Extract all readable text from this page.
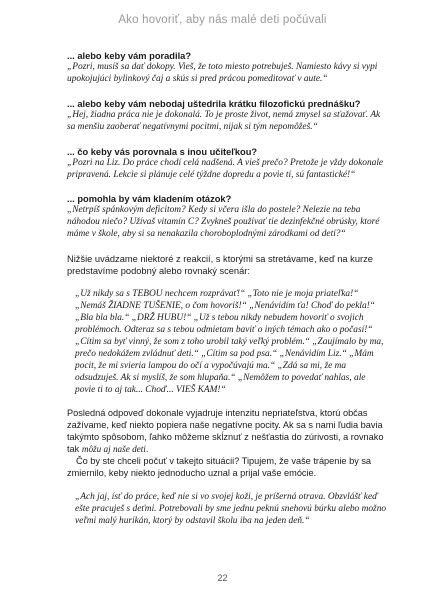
Ako hovoriť, aby nás malé deti počúvali
... alebo keby vám poradila?
„Pozri, musíš sa dať dokopy. Vieš, že toto miesto potrebuješ. Namiesto kávy si vypi upokojujúci bylinkový čaj a skús si pred prácou pomeditovať v aute.“
... alebo keby vám nebodaj uštedrila krátku filozofickú prednášku?
„Hej, žiadna práca nie je dokonalá. To je proste život, nemá zmysel sa sťažovať. Ak sa menšiu zaoberať negatívnymi pocitmi, nijak si tým nepomôžeš.“
... čo keby vás porovnala s inou učiteľkou?
„Pozri na Liz. Do práce chodí celá nadšená. A vieš prečo? Pretože je vždy dokonale pripravená. Lekcie si plánuje celé týždne dopredu a povie ti, sú fantastické!“
... pomohla by vám kladením otázok?
„Netrpíš spánkovým deficitom? Kedy si včera išla do postele? Nelezie na teba náhodou niečo? Užívaš vitamín C? Zvykneš používať tie dezinfekčné obrúsky, ktoré máme v škole, aby si sa nenakazila choroboplodnými zárodkami od detí?“

Nižšie uvádzame niektoré z reakcií, s ktorými sa stretávame, keď na kurze predstavíme podobný alebo rovnaký scenár:

„Už nikdy sa s TEBOU nechcem rozprávať!“ „Toto nie je moja priateľka!“ „Nemáš ŽIADNE TUŠENIE, o čom hovoríš!“ „Nenávidím ťa! Choď do pekla!“ „Bla bla bla.“ „DRŽ HUBU!“ „Už s tebou nikdy nebudem hovoriť o svojich problémoch. Odteraz sa s tebou odmietam baviť o iných témach ako o počasí!“ „Cítim sa byť vinný, že som z toho urobil taký veľký problém.“ „Zaujímalo by ma, prečo nedokážem zvládnuť deti.“ „Cítim sa pod psa.“ „Nenávidím Liz.“ „Mám pocit, že mi svieria lampou do očí a vypočúvajú ma.“ „Zdá sa mi, že ma odsudzuješ. Ak si myslíš, že som hlupaňa.“ „Nemôžem to povedať nahlas, ale povie ti to aj tak... Choď... VIEŠ KAM!“

Posledná odpoveď dokonale vyjadruje intenzitu nepriateľstva, ktorú občas zažívame, keď niekto popiera naše negatívne pocity. Ak sa s nami ľudia bavia takýmto spôsobom, ľahko môžeme skĺznuť z nešťastia do zúrivosti, a rovnako tak môžu aj naše deti.

Čo by ste chceli počuť v takejto situácii? Tipujem, že vaše trápenie by sa zmiernilo, keby niekto jednoducho uznal a prijal vaše emócie.

„Ach jaj, ísť do práce, keď nie si vo svojej koži, je príšerná otrava. Obzvlášť keď ešte pracuješ s deťmi. Potrebovali by sme jednu peknú snehovú búrku alebo možno veľmi malý hurikán, ktorý by odstavil školu iba na jeden deň.“
22
